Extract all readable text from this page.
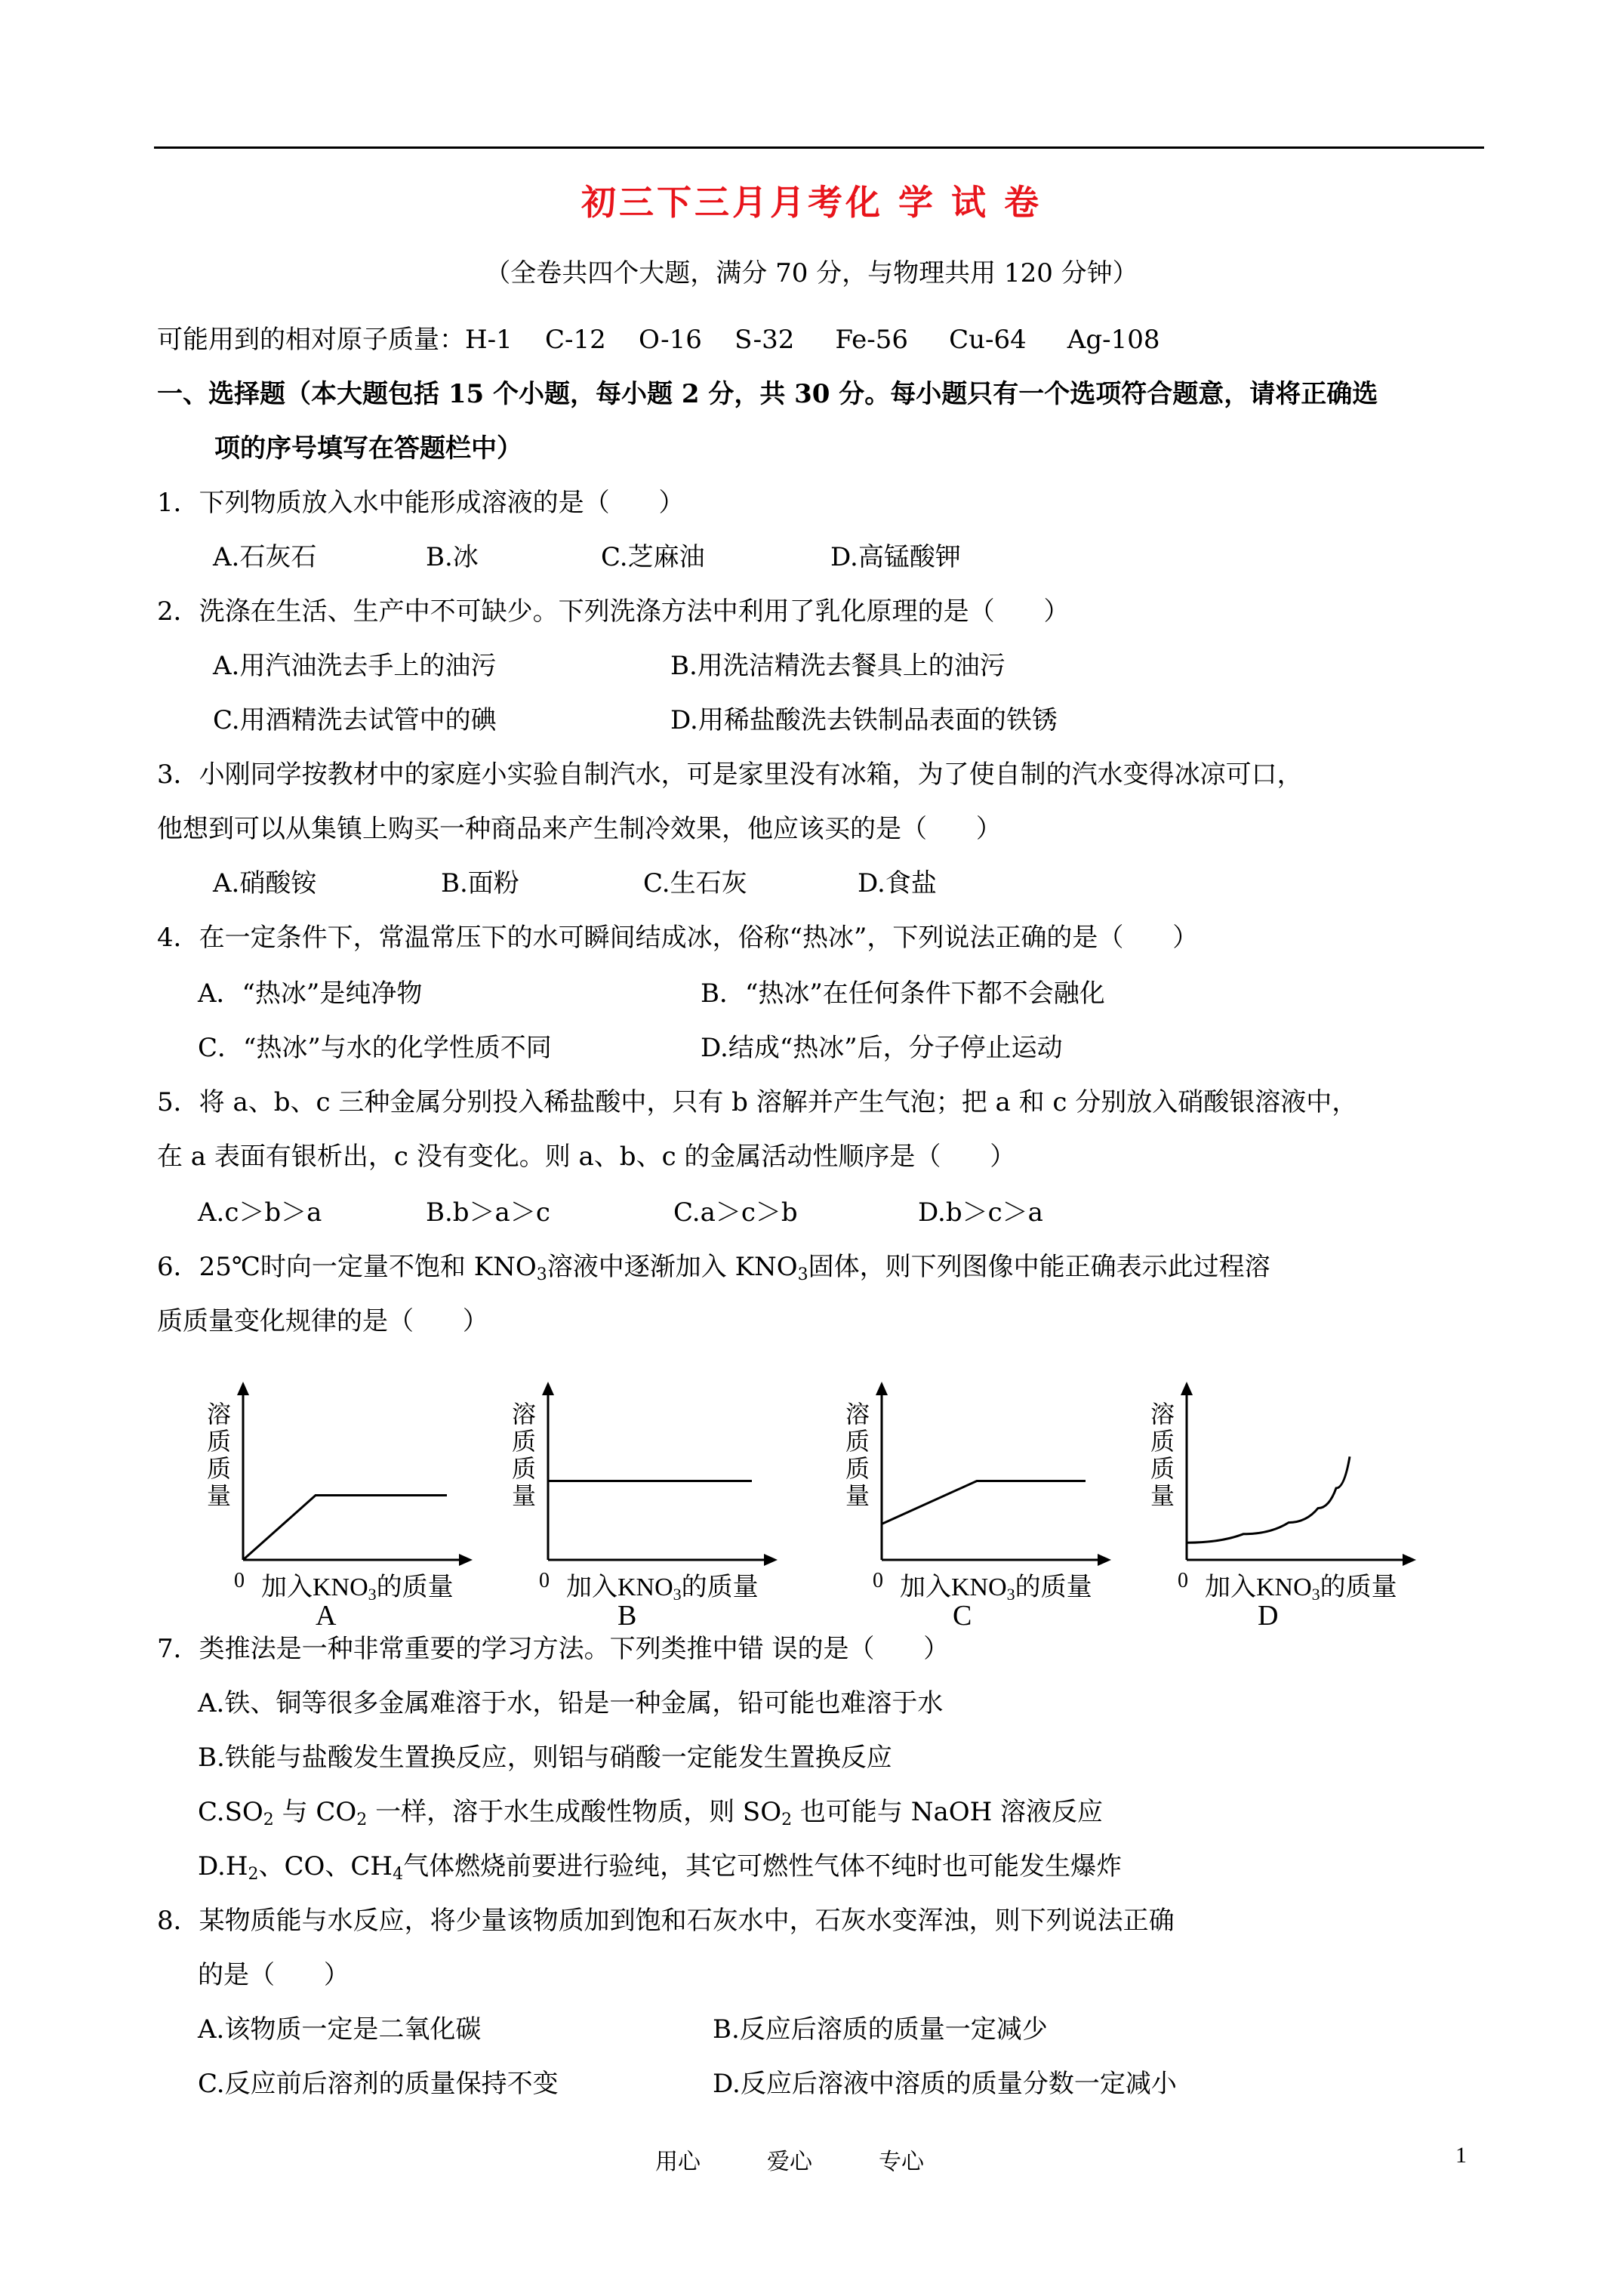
初三下三月月考化 学 试 卷
（全卷共四个大题，满分 70 分，与物理共用 120 分钟）
可能用到的相对原子质量：H-1    C-12    O-16    S-32     Fe-56     Cu-64     Ag-108
一、选择题（本大题包括 15 个小题，每小题 2 分，共 30 分。每小题只有一个选项符合题意，请将正确选
项的序号填写在答题栏中）
1．下列物质放入水中能形成溶液的是（      ）
A.石灰石	B.冰	C.芝麻油	D.高锰酸钾
2．洗涤在生活、生产中不可缺少。下列洗涤方法中利用了乳化原理的是（      ）
A.用汽油洗去手上的油污	B.用洗洁精洗去餐具上的油污
C.用酒精洗去试管中的碘	D.用稀盐酸洗去铁制品表面的铁锈
3．小刚同学按教材中的家庭小实验自制汽水，可是家里没有冰箱，为了使自制的汽水变得冰凉可口，
他想到可以从集镇上购买一种商品来产生制冷效果，他应该买的是（      ）
A.硝酸铵	B.面粉	C.生石灰	D.食盐
4．在一定条件下，常温常压下的水可瞬间结成冰，俗称“热冰”，下列说法正确的是（      ）
A．“热冰”是纯净物	B．“热冰”在任何条件下都不会融化
C．“热冰”与水的化学性质不同	D.结成“热冰”后，分子停止运动
5．将 a、b、c 三种金属分别投入稀盐酸中，只有 b 溶解并产生气泡；把 a 和 c 分别放入硝酸银溶液中，
在 a 表面有银析出，c 没有变化。则 a、b、c 的金属活动性顺序是（      ）
A.c＞b＞a	B.b＞a＞c	C.a＞c＞b	D.b＞c＞a
6．25℃时向一定量不饱和 $KNO_3$溶液中逐渐加入 $KNO_3$固体，则下列图像中能正确表示此过程溶
质质量变化规律的是（      ）
溶
质
质
量
0 加入$KNO_3$的质量
A
溶
质
质
量
0 加入$KNO_3$的质量
B
溶
质
质
量
0 加入$KNO_3$的质量
C
溶
质
质
量
0 加入$KNO_3$的质量
D
7．类推法是一种非常重要的学习方法。下列类推中错 误的是（      ）
A.铁、铜等很多金属难溶于水，铅是一种金属，铅可能也难溶于水
B.铁能与盐酸发生置换反应，则铝与硝酸一定能发生置换反应
$C.SO_2$ 与 $CO_2$ 一样，溶于水生成酸性物质，则 $SO_2$ 也可能与 NaOH 溶液反应
$D.H_2$、CO、$CH_4$气体燃烧前要进行验纯，其它可燃性气体不纯时也可能发生爆炸
8．某物质能与水反应，将少量该物质加到饱和石灰水中，石灰水变浑浊，则下列说法正确
的是（      ）
A.该物质一定是二氧化碳	B.反应后溶质的质量一定减少
C.反应前后溶剂的质量保持不变	D.反应后溶液中溶质的质量分数一定减小
用心	爱心	专心	1
